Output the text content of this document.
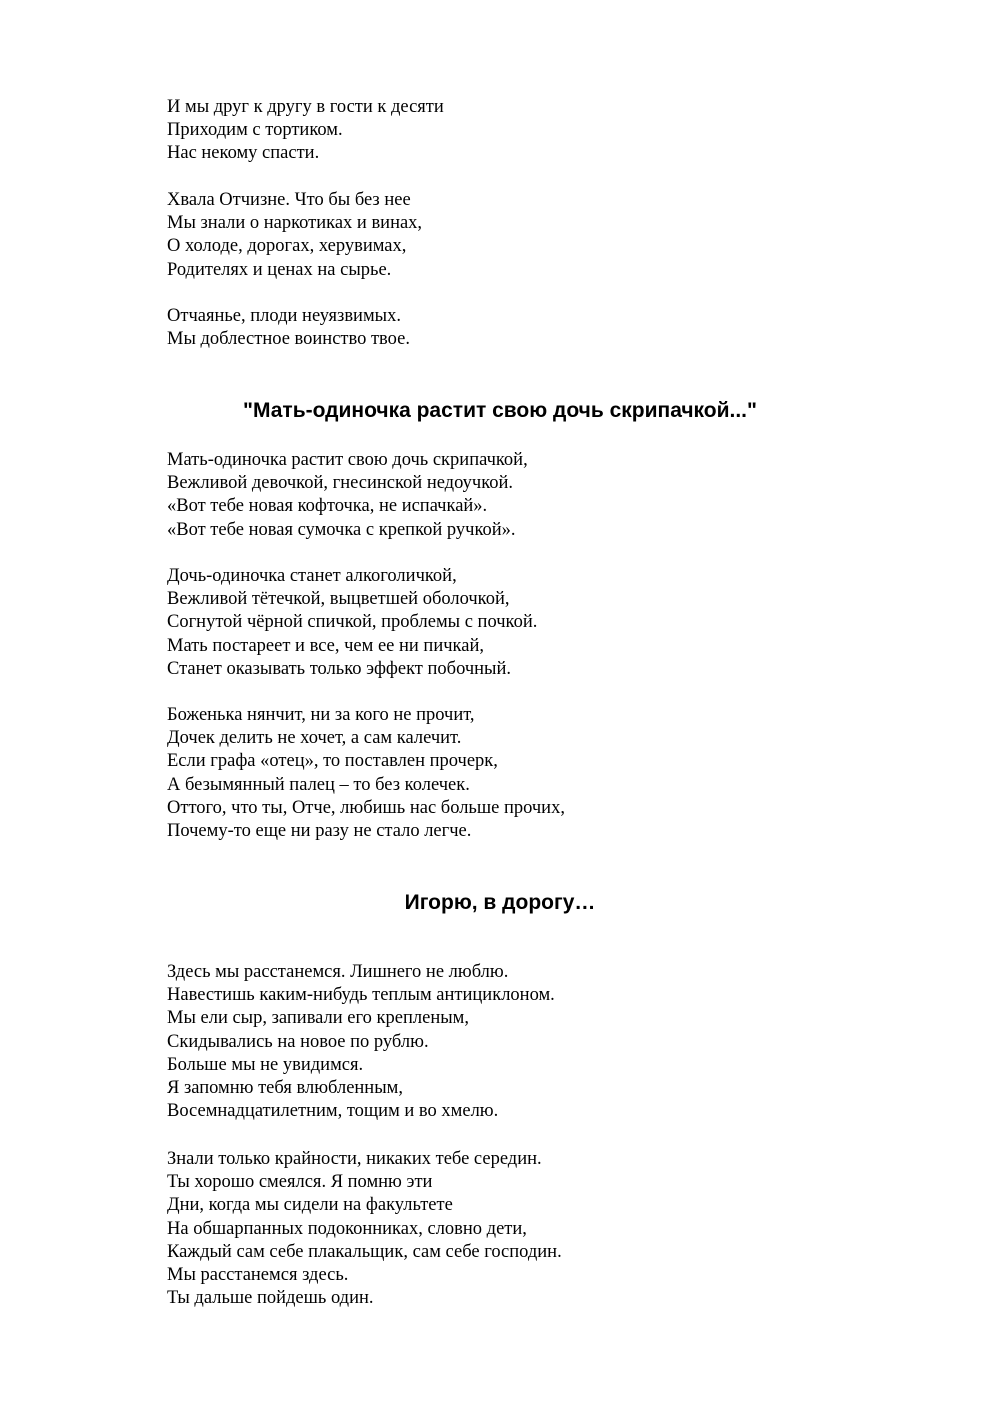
И мы друг к другу в гости к десяти
Приходим с тортиком.
Нас некому спасти.
Хвала Отчизне. Что бы без нее
Мы знали о наркотиках и винах,
О холоде, дорогах, херувимах,
Родителях и ценах на сырье.
Отчаянье, плоди неуязвимых.
Мы доблестное воинство твое.
"Мать-одиночка растит свою дочь скрипачкой..."
Мать-одиночка растит свою дочь скрипачкой,
Вежливой девочкой, гнесинской недоучкой.
«Вот тебе новая кофточка, не испачкай».
«Вот тебе новая сумочка с крепкой ручкой».
Дочь-одиночка станет алкоголичкой,
Вежливой тётечкой, выцветшей оболочкой,
Согнутой чёрной спичкой, проблемы с почкой.
Мать постареет и все, чем ее ни пичкай,
Станет оказывать только эффект побочный.
Боженька нянчит, ни за кого не прочит,
Дочек делить не хочет, а сам калечит.
Если графа «отец», то поставлен прочерк,
А безымянный палец – то без колечек.
Оттого, что ты, Отче, любишь нас больше прочих,
Почему-то еще ни разу не стало легче.
Игорю, в дорогу…
Здесь мы расстанемся. Лишнего не люблю.
Навестишь каким-нибудь теплым антициклоном.
Мы ели сыр, запивали его крепленым,
Скидывались на новое по рублю.
Больше мы не увидимся.
Я запомню тебя влюбленным,
Восемнадцатилетним, тощим и во хмелю.
Знали только крайности, никаких тебе середин.
Ты хорошо смеялся. Я помню эти
Дни, когда мы сидели на факультете
На обшарпанных подоконниках, словно дети,
Каждый сам себе плакальщик, сам себе господин.
Мы расстанемся здесь.
Ты дальше пойдешь один.
